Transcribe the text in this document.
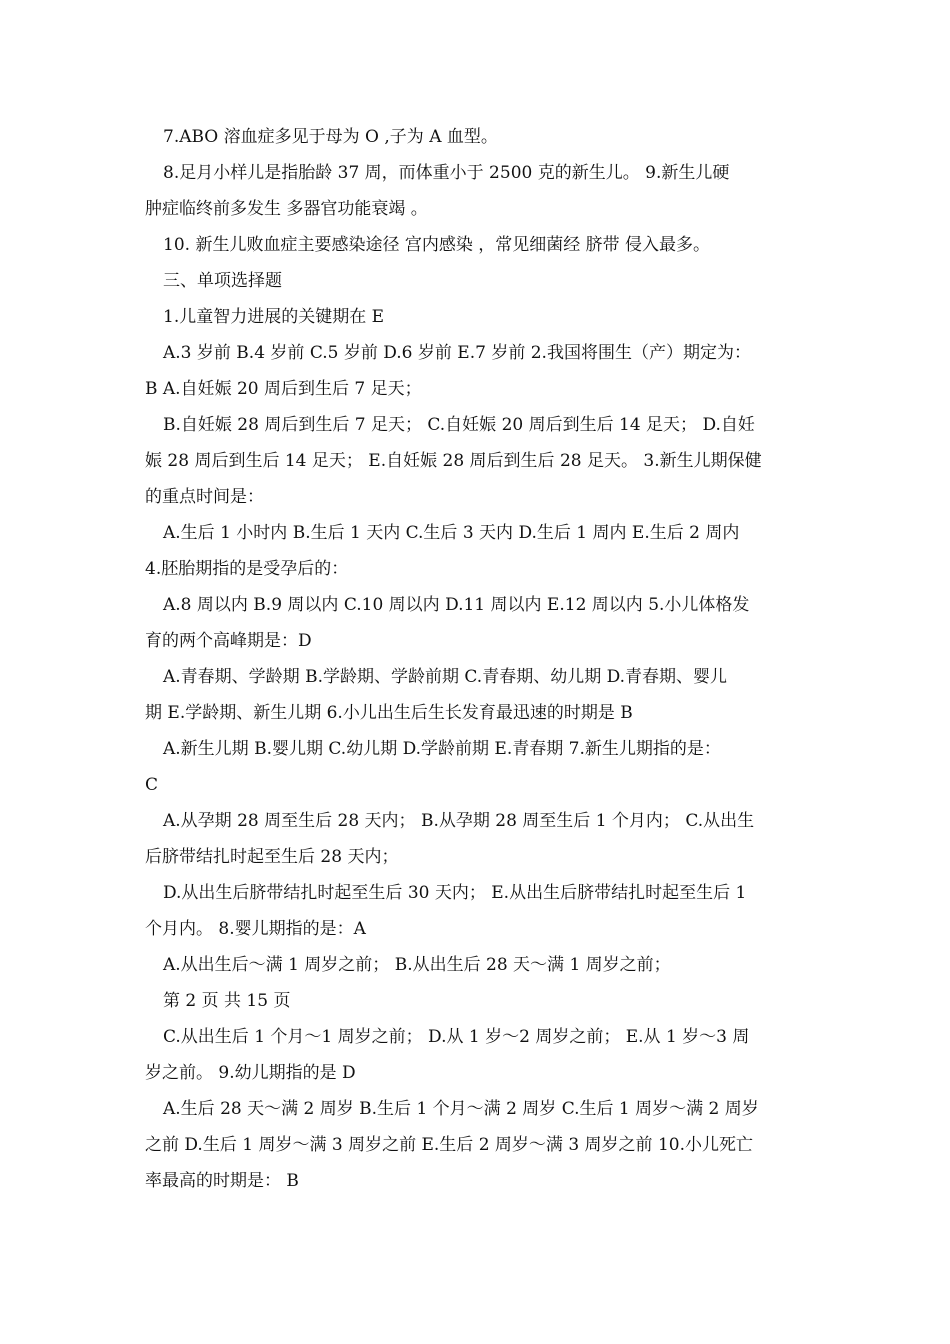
7.ABO 溶血症多见于母为 O ,子为 A 血型。
8.足月小样儿是指胎龄 37 周，而体重小于 2500 克的新生儿。 9.新生儿硬
肿症临终前多发生 多器官功能衰竭 。
10. 新生儿败血症主要感染途径 宫内感染 ，常见细菌经 脐带 侵入最多。
三、单项选择题
1.儿童智力进展的关键期在 E
A.3 岁前 B.4 岁前 C.5 岁前 D.6 岁前 E.7 岁前 2.我国将围生（产）期定为：
B A.自妊娠 20 周后到生后 7 足天；
B.自妊娠 28 周后到生后 7 足天； C.自妊娠 20 周后到生后 14 足天； D.自妊
娠 28 周后到生后 14 足天； E.自妊娠 28 周后到生后 28 足天。 3.新生儿期保健
的重点时间是：
A.生后 1 小时内 B.生后 1 天内 C.生后 3 天内 D.生后 1 周内 E.生后 2 周内
4.胚胎期指的是受孕后的：
A.8 周以内 B.9 周以内 C.10 周以内 D.11 周以内 E.12 周以内 5.小儿体格发
育的两个高峰期是：D
A.青春期、学龄期 B.学龄期、学龄前期 C.青春期、幼儿期 D.青春期、婴儿
期 E.学龄期、新生儿期 6.小儿出生后生长发育最迅速的时期是 B
A.新生儿期 B.婴儿期 C.幼儿期 D.学龄前期 E.青春期 7.新生儿期指的是：
C
A.从孕期 28 周至生后 28 天内； B.从孕期 28 周至生后 1 个月内； C.从出生
后脐带结扎时起至生后 28 天内；
D.从出生后脐带结扎时起至生后 30 天内； E.从出生后脐带结扎时起至生后 1
个月内。 8.婴儿期指的是：A
A.从出生后～满 1 周岁之前； B.从出生后 28 天～满 1 周岁之前；
第 2 页 共 15 页
C.从出生后 1 个月～1 周岁之前； D.从 1 岁～2 周岁之前； E.从 1 岁～3 周
岁之前。 9.幼儿期指的是 D
A.生后 28 天～满 2 周岁 B.生后 1 个月～满 2 周岁 C.生后 1 周岁～满 2 周岁
之前 D.生后 1 周岁～满 3 周岁之前 E.生后 2 周岁～满 3 周岁之前 10.小儿死亡
率最高的时期是： B
